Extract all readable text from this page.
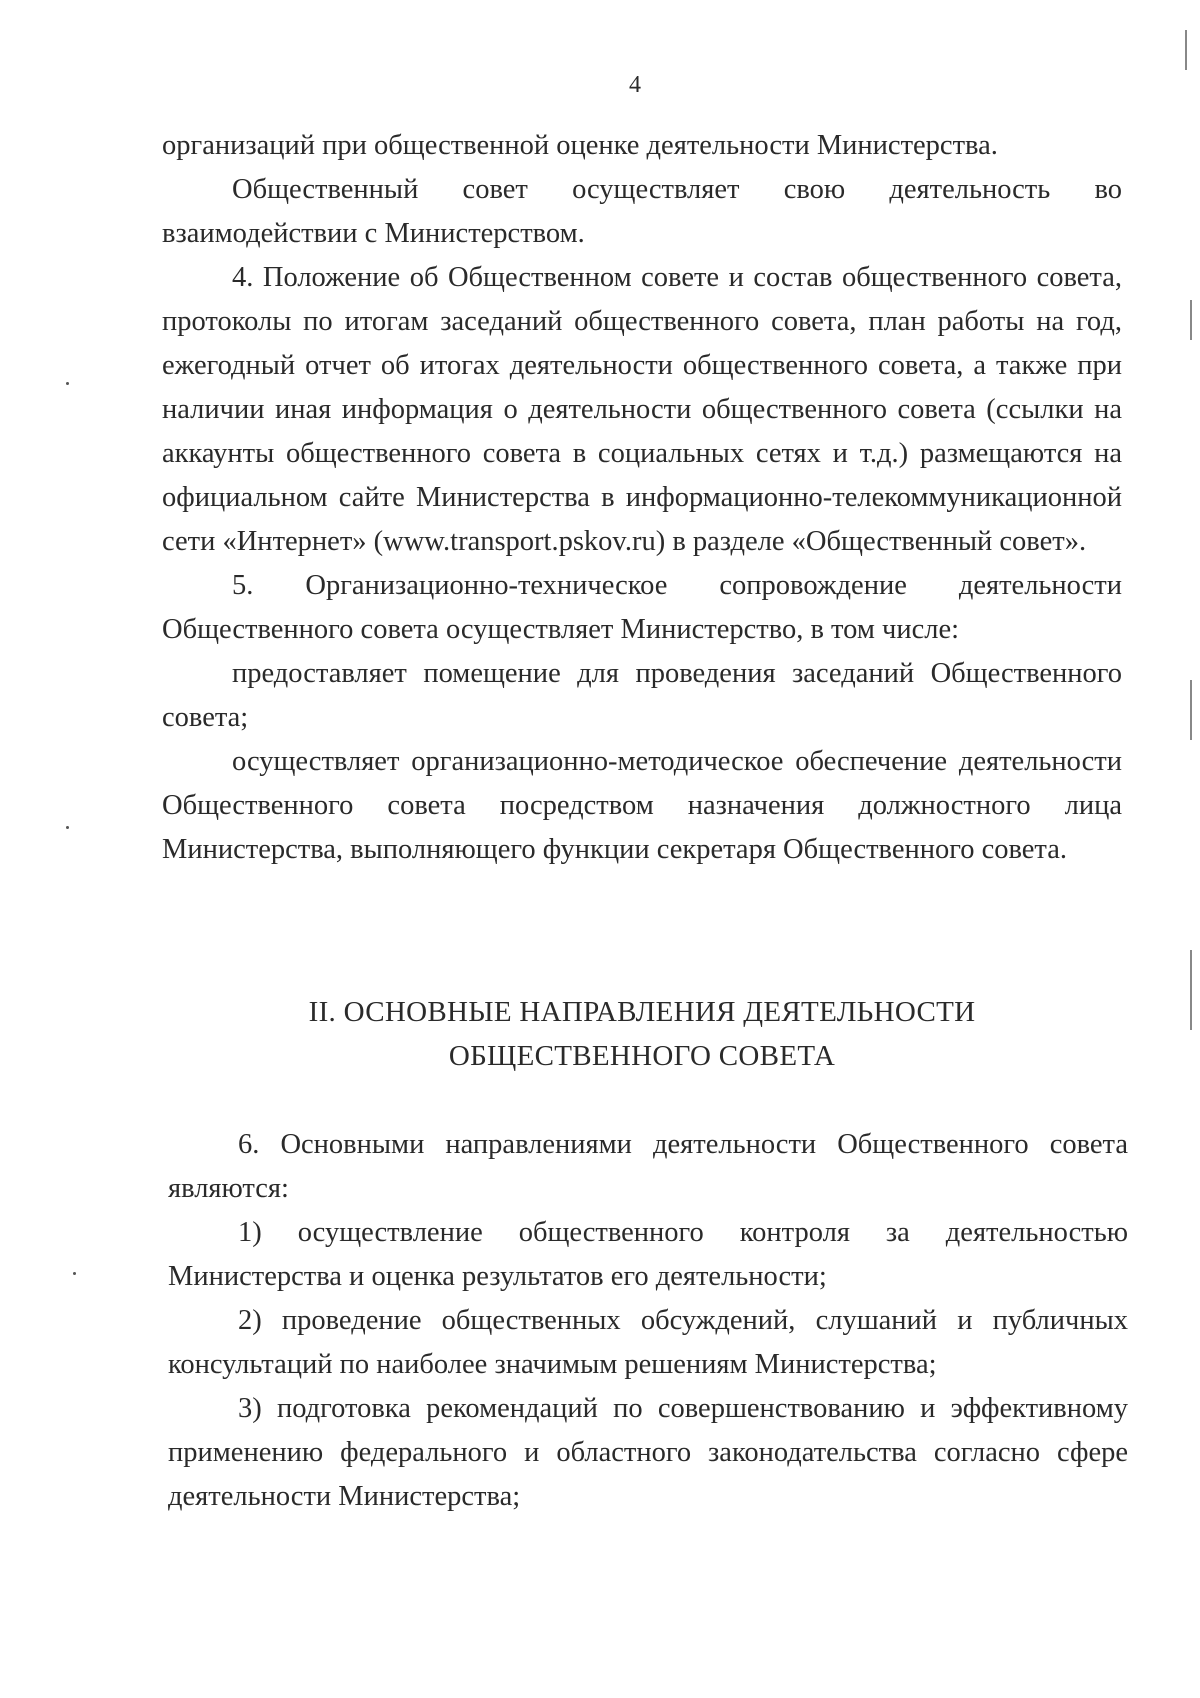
4

организаций при общественной оценке деятельности Министерства.

Общественный совет осуществляет свою деятельность во взаимодействии с Министерством.

4. Положение об Общественном совете и состав общественного совета, протоколы по итогам заседаний общественного совета, план работы на год, ежегодный отчет об итогах деятельности общественного совета, а также при наличии иная информация о деятельности общественного совета (ссылки на аккаунты общественного совета в социальных сетях и т.д.) размещаются на официальном сайте Министерства в информационно-телекоммуникационной сети «Интернет» (www.transport.pskov.ru) в разделе «Общественный совет».

5. Организационно-техническое сопровождение деятельности Общественного совета осуществляет Министерство, в том числе:

предоставляет помещение для проведения заседаний Общественного совета;

осуществляет организационно-методическое обеспечение деятельности Общественного совета посредством назначения должностного лица Министерства, выполняющего функции секретаря Общественного совета.

II. ОСНОВНЫЕ НАПРАВЛЕНИЯ ДЕЯТЕЛЬНОСТИ
ОБЩЕСТВЕННОГО СОВЕТА

6. Основными направлениями деятельности Общественного совета являются:

1) осуществление общественного контроля за деятельностью Министерства и оценка результатов его деятельности;

2) проведение общественных обсуждений, слушаний и публичных консультаций по наиболее значимым решениям Министерства;

3) подготовка рекомендаций по совершенствованию и эффективному применению федерального и областного законодательства согласно сфере деятельности Министерства;
